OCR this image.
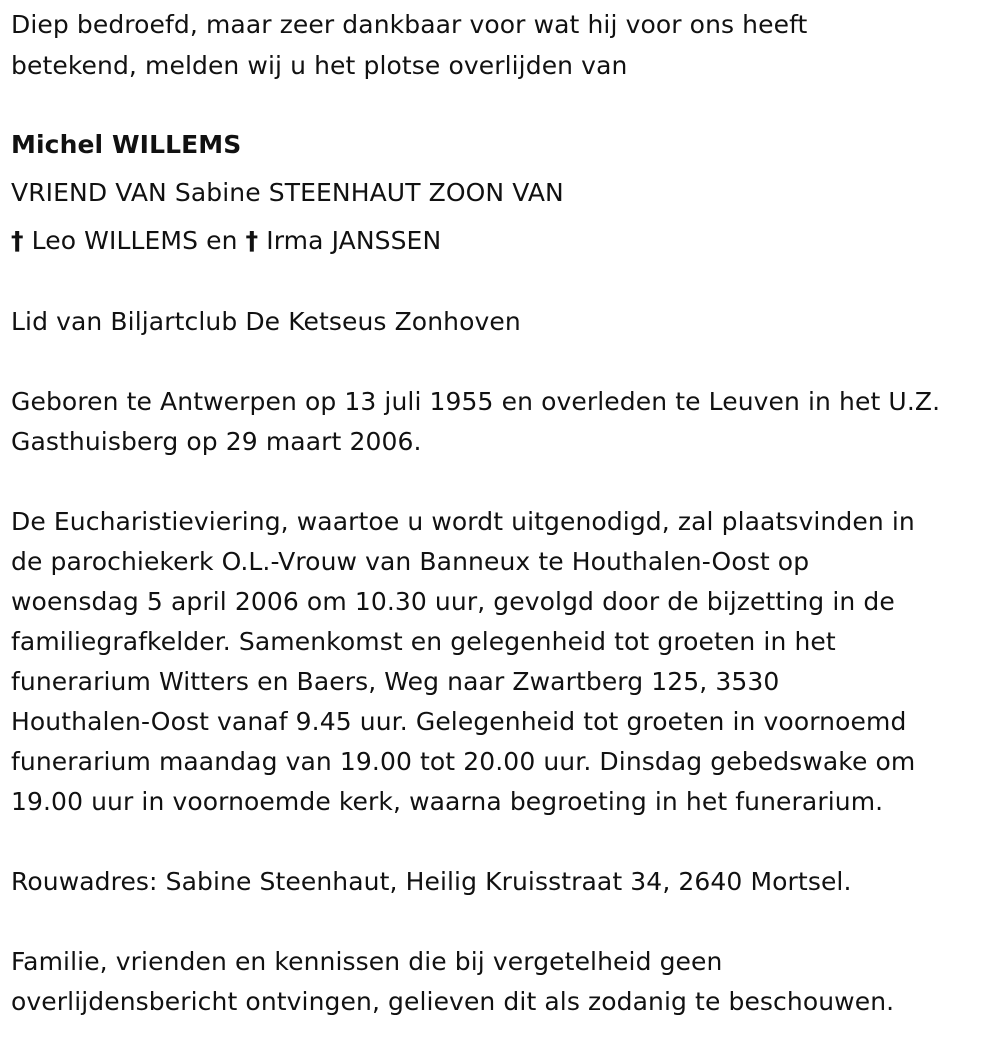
Diep bedroefd, maar zeer dankbaar voor wat hij voor ons heeft
betekend, melden wij u het plotse overlijden van
Michel WILLEMS
VRIEND VAN Sabine STEENHAUT ZOON VAN
† Leo WILLEMS en † Irma JANSSEN
Lid van Biljartclub De Ketseus Zonhoven
Geboren te Antwerpen op 13 juli 1955 en overleden te Leuven in het U.Z.
Gasthuisberg op 29 maart 2006.
De Eucharistieviering, waartoe u wordt uitgenodigd, zal plaatsvinden in
de parochiekerk O.L.-Vrouw van Banneux te Houthalen-Oost op
woensdag 5 april 2006 om 10.30 uur, gevolgd door de bijzetting in de
familiegrafkelder. Samenkomst en gelegenheid tot groeten in het
funerarium Witters en Baers, Weg naar Zwartberg 125, 3530
Houthalen-Oost vanaf 9.45 uur. Gelegenheid tot groeten in voornoemd
funerarium maandag van 19.00 tot 20.00 uur. Dinsdag gebedswake om
19.00 uur in voornoemde kerk, waarna begroeting in het funerarium.
Rouwadres: Sabine Steenhaut, Heilig Kruisstraat 34, 2640 Mortsel.
Familie, vrienden en kennissen die bij vergetelheid geen
overlijdensbericht ontvingen, gelieven dit als zodanig te beschouwen.
